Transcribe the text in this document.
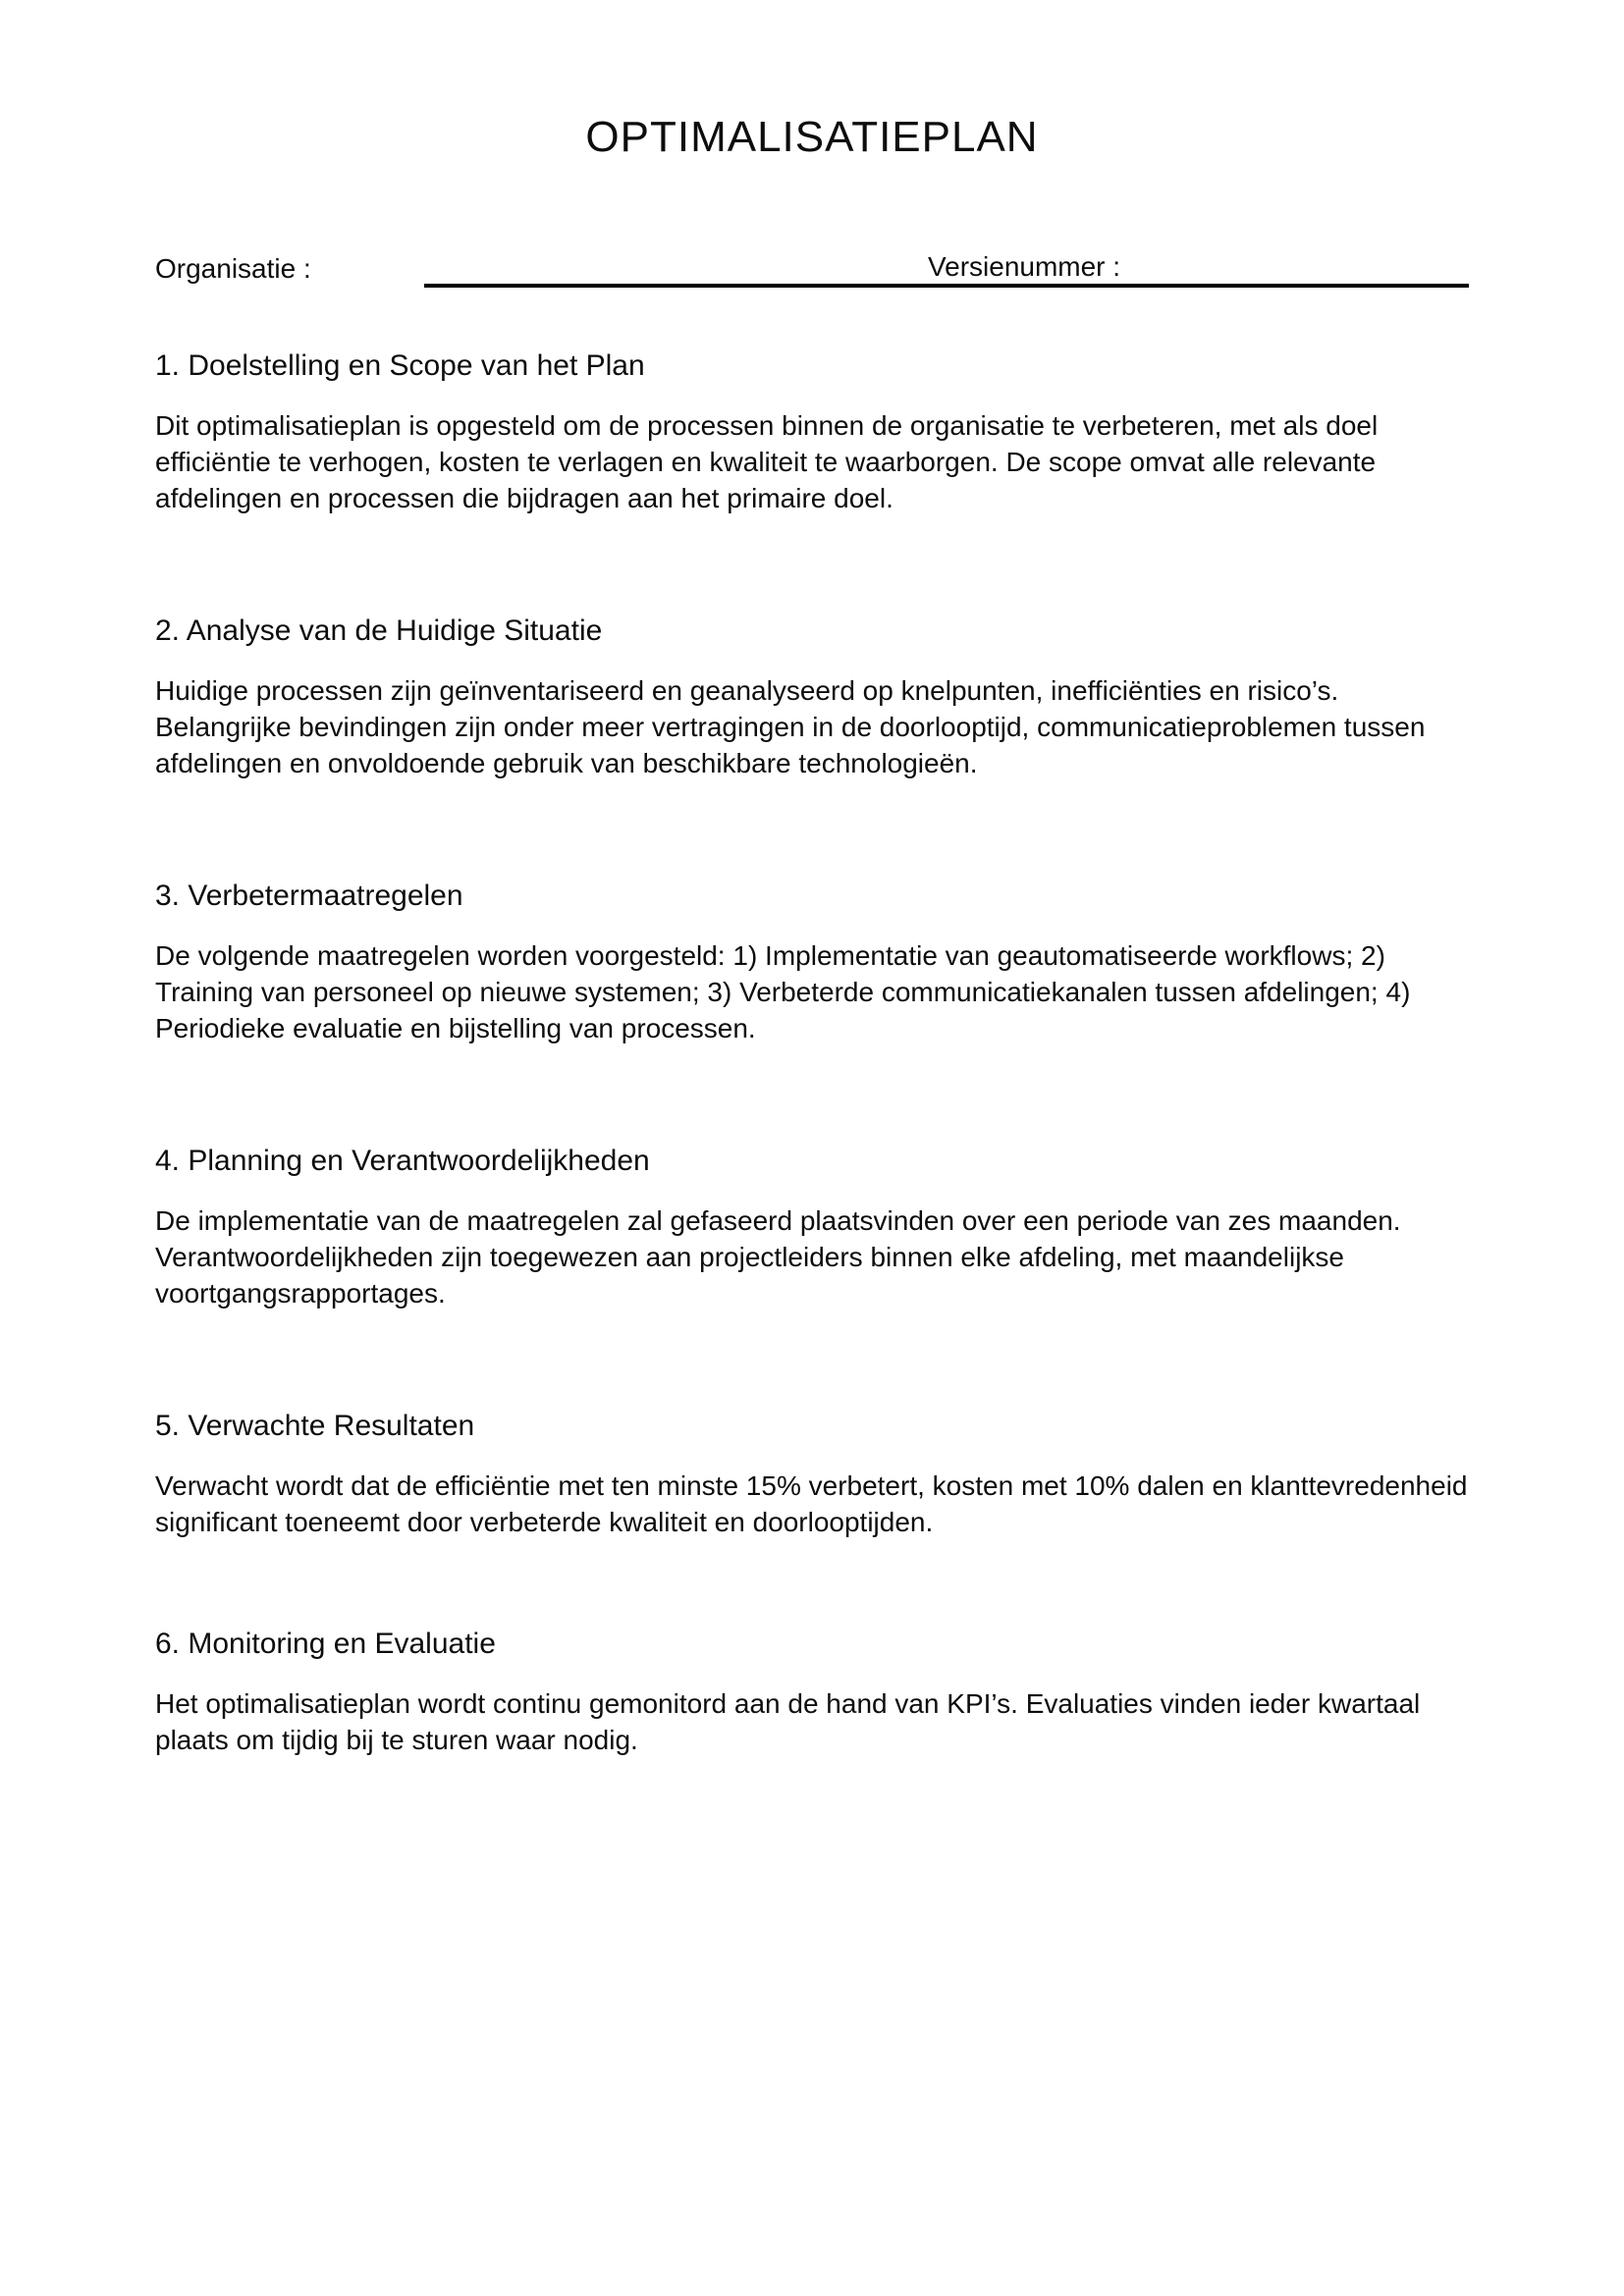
OPTIMALISATIEPLAN
Organisatie :	Versienummer :
1. Doelstelling en Scope van het Plan
Dit optimalisatieplan is opgesteld om de processen binnen de organisatie te verbeteren, met als doel
efficiëntie te verhogen, kosten te verlagen en kwaliteit te waarborgen. De scope omvat alle relevante
afdelingen en processen die bijdragen aan het primaire doel.
2. Analyse van de Huidige Situatie
Huidige processen zijn geïnventariseerd en geanalyseerd op knelpunten, inefficiënties en risico’s.
Belangrijke bevindingen zijn onder meer vertragingen in de doorlooptijd, communicatieproblemen tussen
afdelingen en onvoldoende gebruik van beschikbare technologieën.
3. Verbetermaatregelen
De volgende maatregelen worden voorgesteld: 1) Implementatie van geautomatiseerde workflows; 2)
Training van personeel op nieuwe systemen; 3) Verbeterde communicatiekanalen tussen afdelingen; 4)
Periodieke evaluatie en bijstelling van processen.
4. Planning en Verantwoordelijkheden
De implementatie van de maatregelen zal gefaseerd plaatsvinden over een periode van zes maanden.
Verantwoordelijkheden zijn toegewezen aan projectleiders binnen elke afdeling, met maandelijkse
voortgangsrapportages.
5. Verwachte Resultaten
Verwacht wordt dat de efficiëntie met ten minste 15% verbetert, kosten met 10% dalen en klanttevredenheid
significant toeneemt door verbeterde kwaliteit en doorlooptijden.
6. Monitoring en Evaluatie
Het optimalisatieplan wordt continu gemonitord aan de hand van KPI’s. Evaluaties vinden ieder kwartaal
plaats om tijdig bij te sturen waar nodig.
